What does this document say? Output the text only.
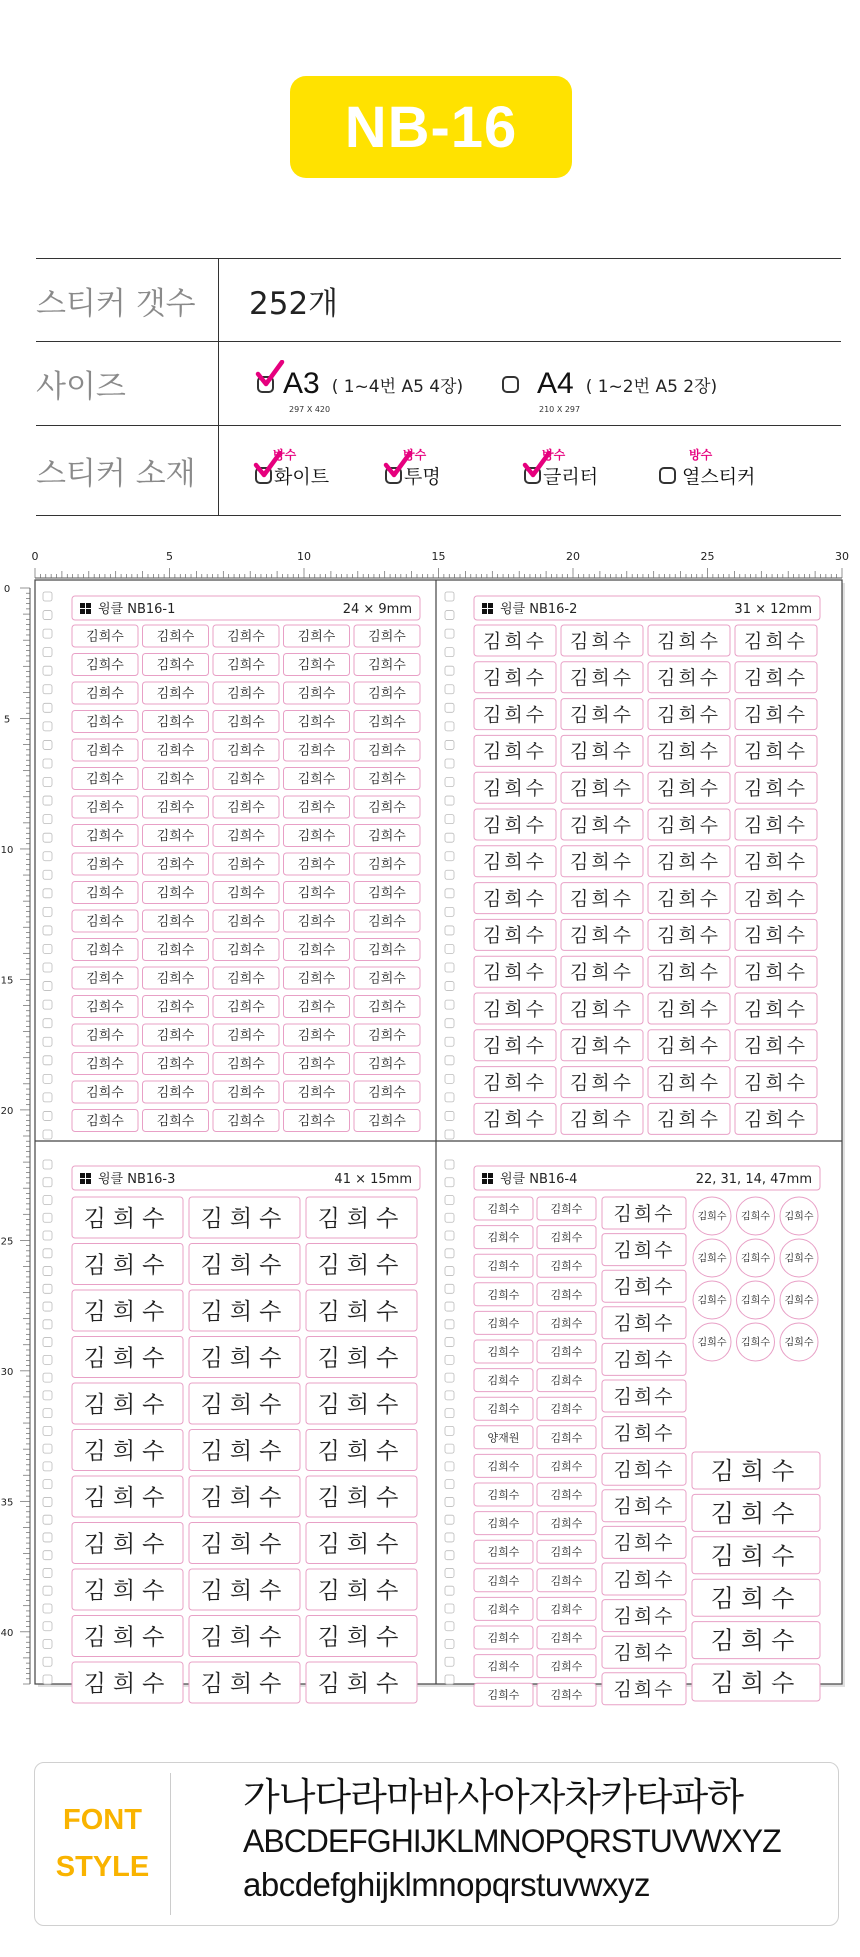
NB-16
스티커 갯수	252개
사이즈	A3 ( 1~4번 A5 4장)
297 X 420
A4 ( 1~2번 A5 2장)
210 X 297
스티커 소재
방수
화이트
방수
투명
방수
글리터
방수
열스티커
0	5	10	15	20	25	30
0
5
10
15
20
25
30
35
40
윙클 NB16-1	24 × 9mm
김희수	김희수	김희수	김희수	김희수
김희수	김희수	김희수	김희수	김희수
김희수	김희수	김희수	김희수	김희수
김희수	김희수	김희수	김희수	김희수
김희수	김희수	김희수	김희수	김희수
김희수	김희수	김희수	김희수	김희수
김희수	김희수	김희수	김희수	김희수
김희수	김희수	김희수	김희수	김희수
김희수	김희수	김희수	김희수	김희수
김희수	김희수	김희수	김희수	김희수
김희수	김희수	김희수	김희수	김희수
김희수	김희수	김희수	김희수	김희수
김희수	김희수	김희수	김희수	김희수
김희수	김희수	김희수	김희수	김희수
김희수	김희수	김희수	김희수	김희수
김희수	김희수	김희수	김희수	김희수
김희수	김희수	김희수	김희수	김희수
김희수	김희수	김희수	김희수	김희수
윙클 NB16-2	31 × 12mm
김희수 김희수 김희수 김희수
김희수 김희수 김희수 김희수
김희수 김희수 김희수 김희수
김희수 김희수 김희수 김희수
김희수 김희수 김희수 김희수
김희수 김희수 김희수 김희수
김희수 김희수 김희수 김희수
김희수 김희수 김희수 김희수
김희수 김희수 김희수 김희수
김희수 김희수 김희수 김희수
김희수 김희수 김희수 김희수
김희수 김희수 김희수 김희수
김희수 김희수 김희수 김희수
김희수 김희수 김희수 김희수
윙클 NB16-3	41 × 15mm
김희수 김희수 김희수
김희수 김희수 김희수
김희수 김희수 김희수
김희수 김희수 김희수
김희수 김희수 김희수
김희수 김희수 김희수
김희수 김희수 김희수
김희수 김희수 김희수
김희수 김희수 김희수
김희수 김희수 김희수
김희수 김희수 김희수
윙클 NB16-4	22, 31, 14, 47mm
김희수	김희수
김희수	김희수
김희수	김희수
김희수	김희수
김희수	김희수
김희수	김희수
김희수	김희수
김희수	김희수
양재원	김희수
김희수	김희수
김희수	김희수
김희수	김희수
김희수	김희수
김희수	김희수
김희수	김희수
김희수	김희수
김희수	김희수
김희수	김희수
김희수
김희수
김희수
김희수
김희수
김희수
김희수
김희수
김희수
김희수
김희수
김희수
김희수
김희수
김희수 김희수 김희수
김희수 김희수 김희수
김희수 김희수 김희수
김희수 김희수 김희수
김희수
김희수
김희수
김희수
김희수
김희수
FONT
STYLE
가나다라마바사아자차카타파하
ABCDEFGHIJKLMNOPQRSTUVWXYZ
abcdefghijklmnopqrstuvwxyz
